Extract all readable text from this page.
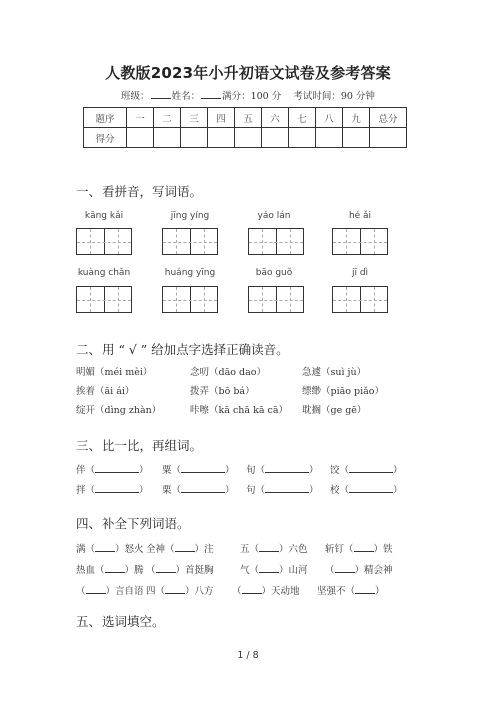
人教版2023年小升初语文试卷及参考答案
班级： 姓名： 满分：100 分 考试时间：90 分钟
题序	一	二	三	四	五	六	七	八	九	总分
得分										
一、看拼音，写词语。
kāng kǎi	jīng yíng	yáo lán	hé ǎi
kuàng chǎn	huáng yīng	bāo guǒ	jī dì
二、用 “ √ ” 给加点字选择正确读音。
明媚（méi mèi）	念叨（dāo dao）	急遽（suì jù）
挨着（āi ái）	拨弄（bō bá）	缥缈（piāo piǎo）
绽开（dìng zhàn）	咔嚓（kā chā kā cā） 耽搁（ge gē）
三、比一比，再组词。
伴（	） 粟（	） 旬（	） 饺（	）
拌（	） 栗（	） 句（	） 校（	）
四、补全下列词语。
满（ ）怒火 全神（ ）注	五（ ）六色 斩钉（ ）铁
热血（ ）腾 （ ）首挺胸	气（ ）山河 （ ）精会神
（ ）言自语 四（ ）八方 （ ）天动地 坚强不（ ）
五、选词填空。
1 / 8
